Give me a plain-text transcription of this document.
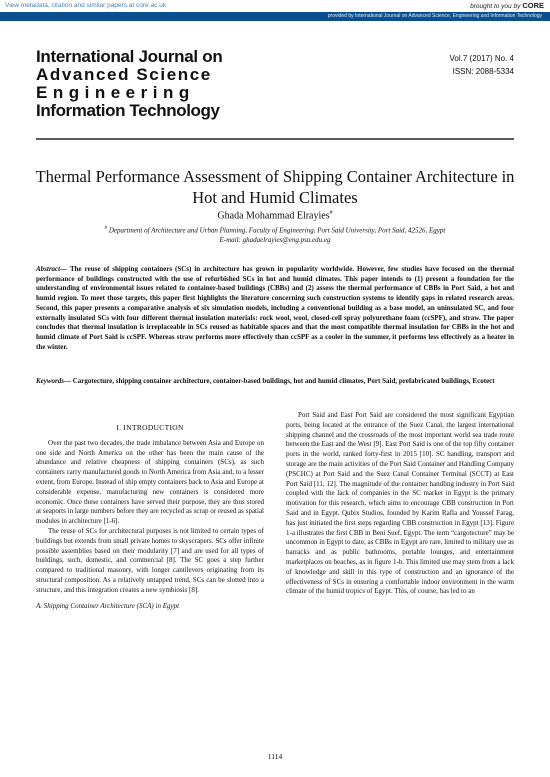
View metadata, citation and similar papers at core.ac.uk	brought to you by CORE
provided by International Journal on Advanced Science, Engineering and Information Technology
International Journal on
Advanced Science
Engineering
Information Technology
Vol.7 (2017) No. 4
ISSN: 2088-5334
Thermal Performance Assessment of Shipping Container Architecture in Hot and Humid Climates
Ghada Mohammad Elrayies#
# Department of Architecture and Urban Planning, Faculty of Engineering, Port Said University, Port Said, 42526, Egypt
E-mail: ghadaelrayies@eng.psu.edu.eg
Abstract— The reuse of shipping containers (SCs) in architecture has grown in popularity worldwide. However, few studies have focused on the thermal performance of buildings constructed with the use of refurbished SCs in hot and humid climates. This paper intends to (1) present a foundation for the understanding of environmental issues related to container-based buildings (CBBs) and (2) assess the thermal performance of CBBs in Port Said, a hot and humid region. To meet those targets, this paper first highlights the literature concerning such construction systems to identify gaps in related research areas. Second, this paper presents a comparative analysis of six simulation models, including a conventional building as a base model, an uninsulated SC, and four externally insulated SCs with four different thermal insulation materials: rock wool, wool, closed-cell spray polyurethane foam (ccSPF), and straw. The paper concludes that thermal insulation is irreplaceable in SCs reused as habitable spaces and that the most compatible thermal insulation for CBBs in the hot and humid climate of Port Said is ccSPF. Whereas straw performs more effectively than ccSPF as a cooler in the summer, it performs less effectively as a heater in the winter.
Keywords— Cargotecture, shipping container architecture, container-based buildings, hot and humid climates, Port Said, prefabricated buildings, Ecotect
I. INTRODUCTION

Over the past two decades, the trade imbalance between Asia and Europe on one side and North America on the other has been the main cause of the abundance and relative cheapness of shipping containers (SCs), as such containers carry manufactured goods to North America from Asia and, to a lesser extent, from Europe. Instead of ship empty containers back to Asia and Europe at considerable expense, manufacturing new containers is considered more economic. Once these containers have served their purpose, they are thus stored at seaports in large numbers before they are recycled as scrap or reused as spatial modules in architecture [1-6].

The reuse of SCs for architectural purposes is not limited to certain types of buildings but extends from small private homes to skyscrapers. SCs offer infinite possible assemblies based on their modularity [7] and are used for all types of buildings, such, domestic, and commercial [8]. The SC goes a step further compared to traditional masonry, with longer cantilevers originating from its structural composition. As a relatively untapped trend, SCs can be slotted into a structure, and this integration creates a new symbiosis [8].

A. Shipping Container Architecture (SCA) in Egypt

Port Said and East Port Said are considered the most significant Egyptian ports, being located at the entrance of the Suez Canal, the largest international shipping channel and the crossroads of the most important world sea trade route between the East and the West [9]. East Port Said is one of the top fifty container ports in the world, ranked forty-first in 2015 [10]. SC handling, transport and storage are the main activities of the Port Said Container and Handling Company (PSCHC) at Port Said and the Suez Canal Container Terminal (SCCT) at East Port Said [11, 12]. The magnitude of the container handling industry in Port Said coupled with the lack of companies in the SC market in Egypt is the primary motivation for this research, which aims to encourage CBB construction in Port Said and in Egypt. Qubix Studios, founded by Karim Rafla and Youssef Farag, has just initiated the first steps regarding CBB construction in Egypt [13]. Figure 1-a illustrates the first CBB in Beni Suef, Egypt. The term “cargotecture” may be uncommon in Egypt to date, as CBBs in Egypt are rare, limited to military use as barracks and as public bathrooms, portable lounges, and entertainment marketplaces on beaches, as in figure 1-b. This limited use may stem from a lack of knowledge and skill in this type of construction and an ignorance of the effectiveness of SCs in ensuring a comfortable indoor environment in the warm climate of the humid tropics of Egypt. This, of course, has led to an

1114
